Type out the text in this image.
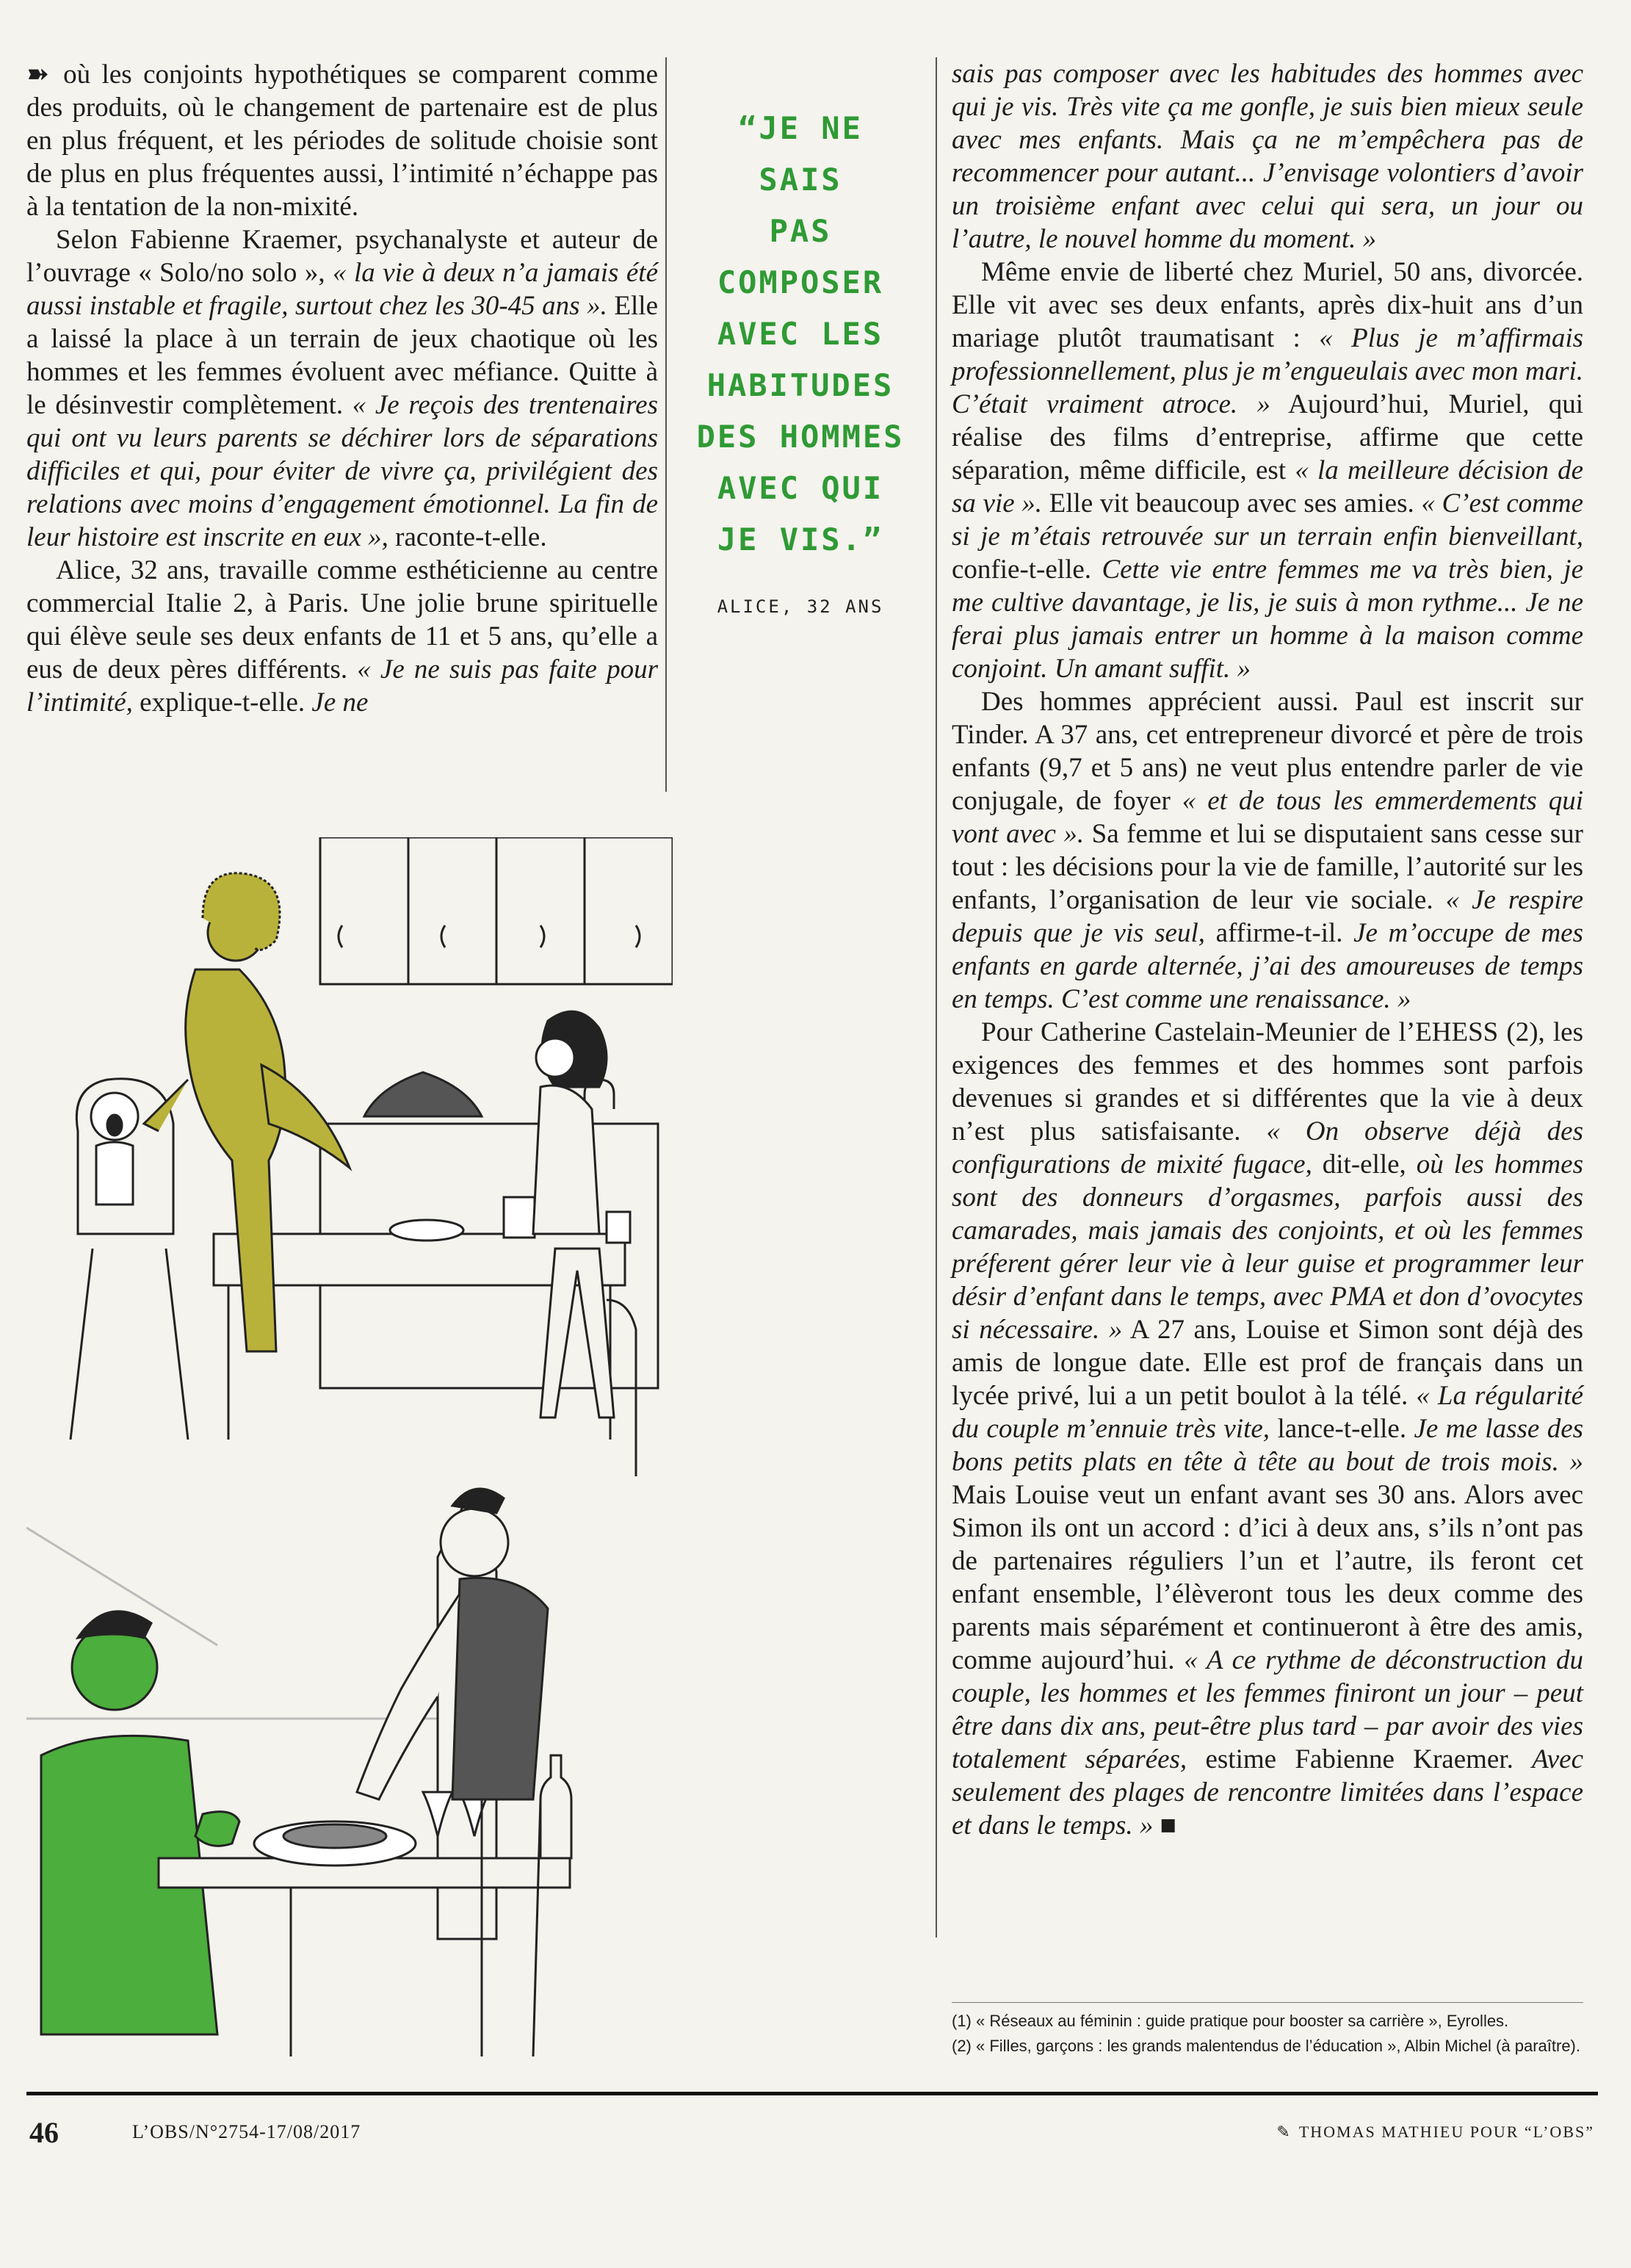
➽ où les conjoints hypothétiques se comparent comme des produits, où le changement de partenaire est de plus en plus fréquent, et les périodes de solitude choisie sont de plus en plus fréquentes aussi, l’intimité n’échappe pas à la tentation de la non-mixité.

Selon Fabienne Kraemer, psychanalyste et auteur de l’ouvrage « Solo/no solo », « la vie à deux n’a jamais été aussi instable et fragile, surtout chez les 30-45 ans ». Elle a laissé la place à un terrain de jeux chaotique où les hommes et les femmes évoluent avec méfiance. Quitte à le désinvestir complètement. « Je reçois des trentenaires qui ont vu leurs parents se déchirer lors de séparations difficiles et qui, pour éviter de vivre ça, privilégient des relations avec moins d’engagement émotionnel. La fin de leur histoire est inscrite en eux », raconte-t-elle.

Alice, 32 ans, travaille comme esthéticienne au centre commercial Italie 2, à Paris. Une jolie brune spirituelle qui élève seule ses deux enfants de 11 et 5 ans, qu’elle a eus de deux pères différents. « Je ne suis pas faite pour l’intimité, explique-t-elle. Je ne

“JE NE SAIS
PAS
COMPOSER
AVEC LES
HABITUDES
DES HOMMES
AVEC QUI
JE VIS.”
ALICE, 32 ANS

sais pas composer avec les habitudes des hommes avec qui je vis. Très vite ça me gonfle, je suis bien mieux seule avec mes enfants. Mais ça ne m’empêchera pas de recommencer pour autant... J’envisage volontiers d’avoir un troisième enfant avec celui qui sera, un jour ou l’autre, le nouvel homme du moment. »

Même envie de liberté chez Muriel, 50 ans, divorcée. Elle vit avec ses deux enfants, après dix-huit ans d’un mariage plutôt traumatisant : « Plus je m’affirmais professionnellement, plus je m’engueulais avec mon mari. C’était vraiment atroce. » Aujourd’hui, Muriel, qui réalise des films d’entreprise, affirme que cette séparation, même difficile, est « la meilleure décision de sa vie ». Elle vit beaucoup avec ses amies. « C’est comme si je m’étais retrouvée sur un terrain enfin bienveillant, confie-t-elle. Cette vie entre femmes me va très bien, je me cultive davantage, je lis, je suis à mon rythme... Je ne ferai plus jamais entrer un homme à la maison comme conjoint. Un amant suffit. »

Des hommes apprécient aussi. Paul est inscrit sur Tinder. A 37 ans, cet entrepreneur divorcé et père de trois enfants (9,7 et 5 ans) ne veut plus entendre parler de vie conjugale, de foyer « et de tous les emmerdements qui vont avec ». Sa femme et lui se disputaient sans cesse sur tout : les décisions pour la vie de famille, l’autorité sur les enfants, l’organisation de leur vie sociale. « Je respire depuis que je vis seul, affirme-t-il. Je m’occupe de mes enfants en garde alternée, j’ai des amoureuses de temps en temps. C’est comme une renaissance. »

Pour Catherine Castelain-Meunier de l’EHESS (2), les exigences des femmes et des hommes sont parfois devenues si grandes et si différentes que la vie à deux n’est plus satisfaisante. « On observe déjà des configurations de mixité fugace, dit-elle, où les hommes sont des donneurs d’orgasmes, parfois aussi des camarades, mais jamais des conjoints, et où les femmes préferent gérer leur vie à leur guise et programmer leur désir d’enfant dans le temps, avec PMA et don d’ovocytes si nécessaire. » A 27 ans, Louise et Simon sont déjà des amis de longue date. Elle est prof de français dans un lycée privé, lui a un petit boulot à la télé. « La régularité du couple m’ennuie très vite, lance-t-elle. Je me lasse des bons petits plats en tête à tête au bout de trois mois. » Mais Louise veut un enfant avant ses 30 ans. Alors avec Simon ils ont un accord : d’ici à deux ans, s’ils n’ont pas de partenaires réguliers l’un et l’autre, ils feront cet enfant ensemble, l’élèveront tous les deux comme des parents mais séparément et continueront à être des amis, comme aujourd’hui. « A ce rythme de déconstruction du couple, les hommes et les femmes finiront un jour – peut être dans dix ans, peut-être plus tard – par avoir des vies totalement séparées, estime Fabienne Kraemer. Avec seulement des plages de rencontre limitées dans l’espace et dans le temps. » ■

(1) « Réseaux au féminin : guide pratique pour booster sa carrière », Eyrolles.
(2) « Filles, garçons : les grands malentendus de l’éducation », Albin Michel (à paraître).
46	L’OBS/N°2754-17/08/2017	✎ THOMAS MATHIEU POUR “L’OBS”
